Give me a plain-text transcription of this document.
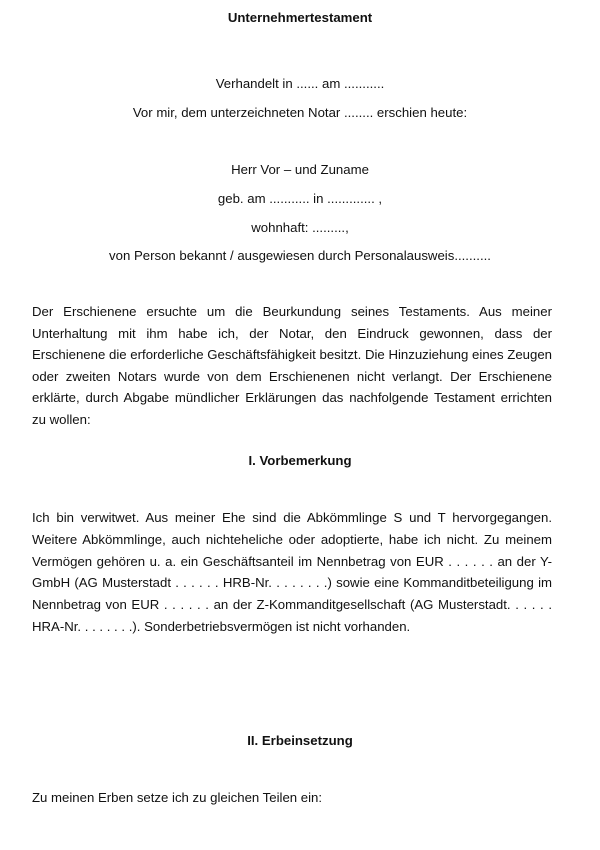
Unternehmertestament

Verhandelt in ...... am ...........

Vor mir, dem unterzeichneten Notar ........ erschien heute:

Herr Vor – und Zuname

geb. am ........... in ............. ,

wohnhaft: .........,

von Person bekannt / ausgewiesen durch Personalausweis..........

Der Erschienene ersuchte um die Beurkundung seines Testaments. Aus meiner Unterhaltung mit ihm habe ich, der Notar, den Eindruck gewonnen, dass der Erschienene die erforderliche Geschäftsfähigkeit besitzt. Die Hinzuziehung eines Zeugen oder zweiten Notars wurde von dem Erschienenen nicht verlangt. Der Erschienene erklärte, durch Abgabe mündlicher Erklärungen das nachfolgende Testament errichten zu wollen:

I. Vorbemerkung

Ich bin verwitwet. Aus meiner Ehe sind die Abkömmlinge S und T hervorgegangen. Weitere Abkömmlinge, auch nichteheliche oder adoptierte, habe ich nicht. Zu meinem Vermögen gehören u. a. ein Geschäftsanteil im Nennbetrag von EUR . . . . . . an der Y-GmbH (AG Musterstadt . . . . . . HRB-Nr. . . . . . . .) sowie eine Kommanditbeteiligung im Nennbetrag von EUR . . . . . . an der Z-Kommanditgesellschaft (AG Musterstadt. . . . . . HRA-Nr. . . . . . . .). Sonderbetriebsvermögen ist nicht vorhanden.

II. Erbeinsetzung

Zu meinen Erben setze ich zu gleichen Teilen ein:
